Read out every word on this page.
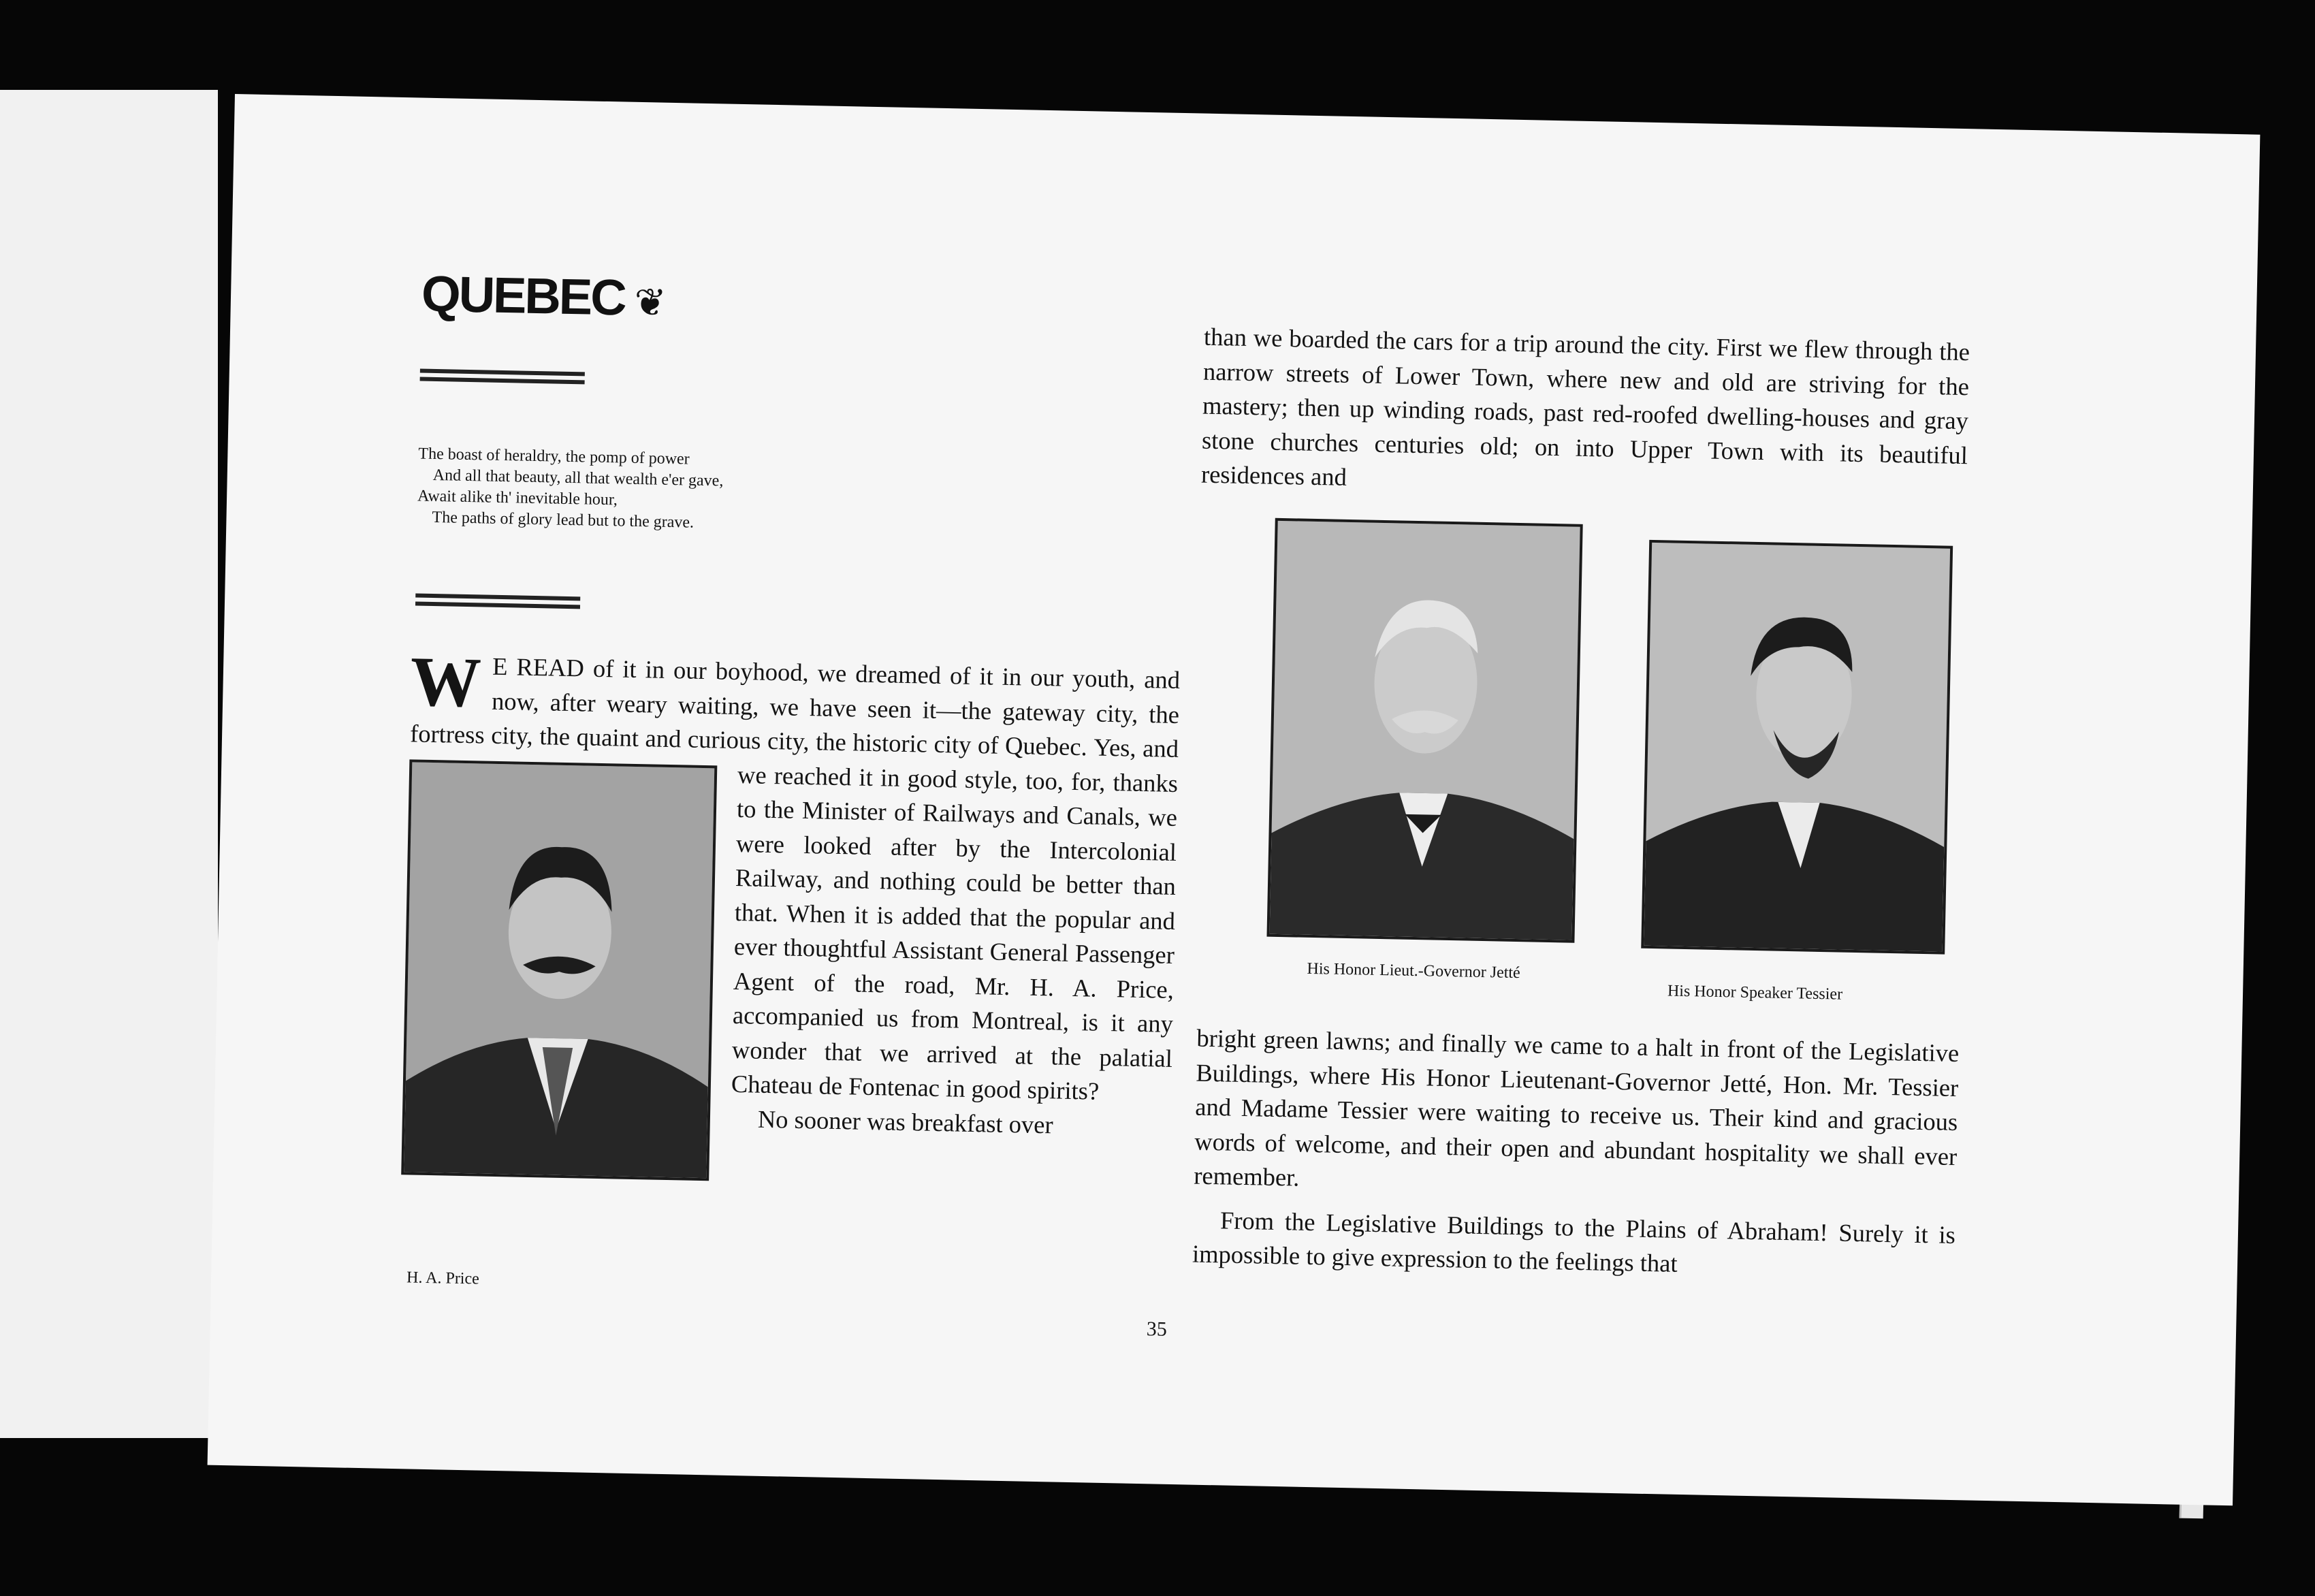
QUEBEC ❦
The boast of heraldry, the pomp of power
And all that beauty, all that wealth e'er gave,
Await alike th' inevitable hour,
The paths of glory lead but to the grave.
W E READ of it in our boyhood, we dreamed of it in our youth, and now, after weary waiting, we have seen it—the gateway city, the fortress city, the quaint and curious city, the historic city of Quebec. Yes, and we reached it in good style, too, for, thanks to the Minister of Railways and Canals, we were looked after by the Intercolonial Railway, and nothing could be better than that. When it is added that the popular and ever thoughtful Assistant General Passenger Agent of the road, Mr. H. A. Price, accompanied us from Montreal, is it any wonder that we arrived at the palatial Chateau de Fontenac in good spirits?

No sooner was breakfast over

H. A. Price
than we boarded the cars for a trip around the city. First we flew through the narrow streets of Lower Town, where new and old are striving for the mastery; then up winding roads, past red-roofed dwelling-houses and gray stone churches centuries old; on into Upper Town with its beautiful residences and
His Honor Lieut.-Governor Jetté
His Honor Speaker Tessier

bright green lawns; and finally we came to a halt in front of the Legislative Buildings, where His Honor Lieutenant-Governor Jetté, Hon. Mr. Tessier and Madame Tessier were waiting to receive us. Their kind and gracious words of welcome, and their open and abundant hospitality we shall ever remember.

From the Legislative Buildings to the Plains of Abraham! Surely it is impossible to give expression to the feelings that

35
